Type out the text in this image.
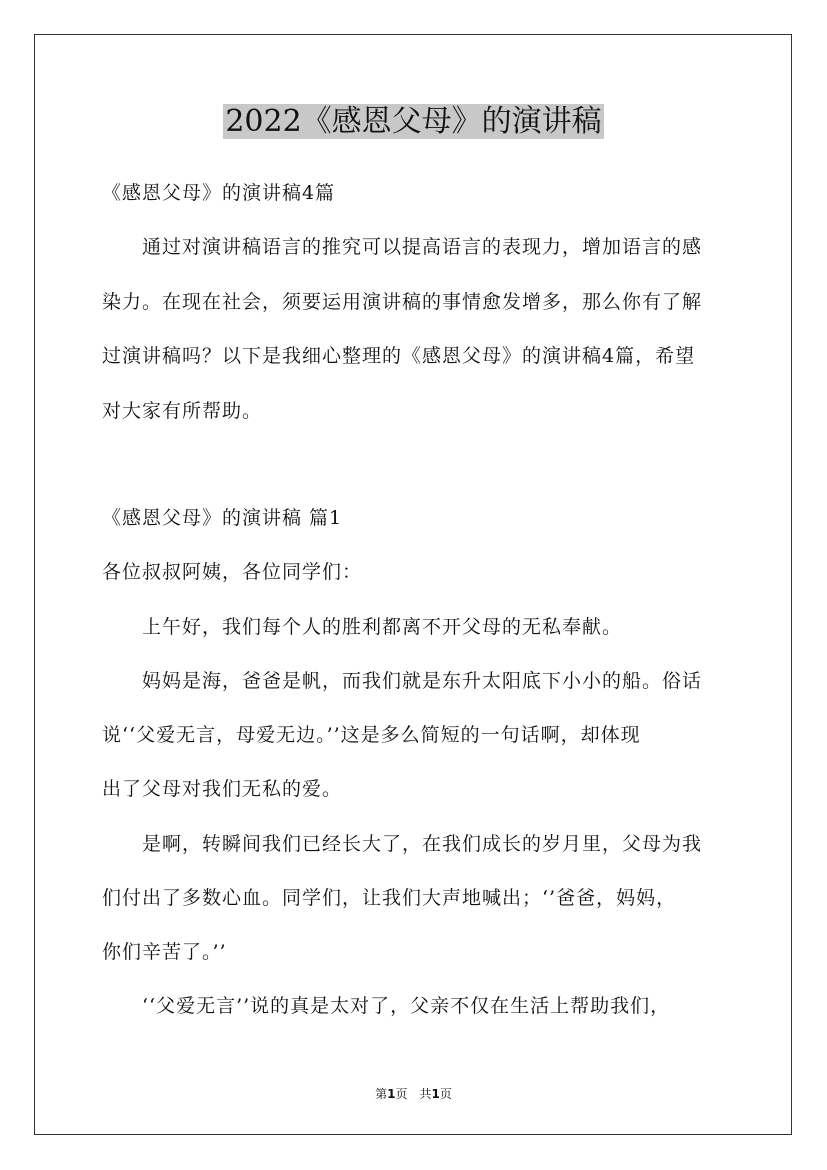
2022《感恩父母》的演讲稿
《感恩父母》的演讲稿4篇
　　通过对演讲稿语言的推究可以提高语言的表现力，增加语言的感
染力。在现在社会，须要运用演讲稿的事情愈发增多，那么你有了解
过演讲稿吗？以下是我细心整理的《感恩父母》的演讲稿4篇，希望
对大家有所帮助。
《感恩父母》的演讲稿 篇1
各位叔叔阿姨，各位同学们：
　　上午好，我们每个人的胜利都离不开父母的无私奉献。
　　妈妈是海，爸爸是帆，而我们就是东升太阳底下小小的船。俗话
说‘‘父爱无言，母爱无边。’’这是多么简短的一句话啊，却体现
出了父母对我们无私的爱。
　　是啊，转瞬间我们已经长大了，在我们成长的岁月里，父母为我
们付出了多数心血。同学们，让我们大声地喊出；‘’爸爸，妈妈，
你们辛苦了。’’
　　‘‘父爱无言’’说的真是太对了，父亲不仅在生活上帮助我们，
第1页　共1页
